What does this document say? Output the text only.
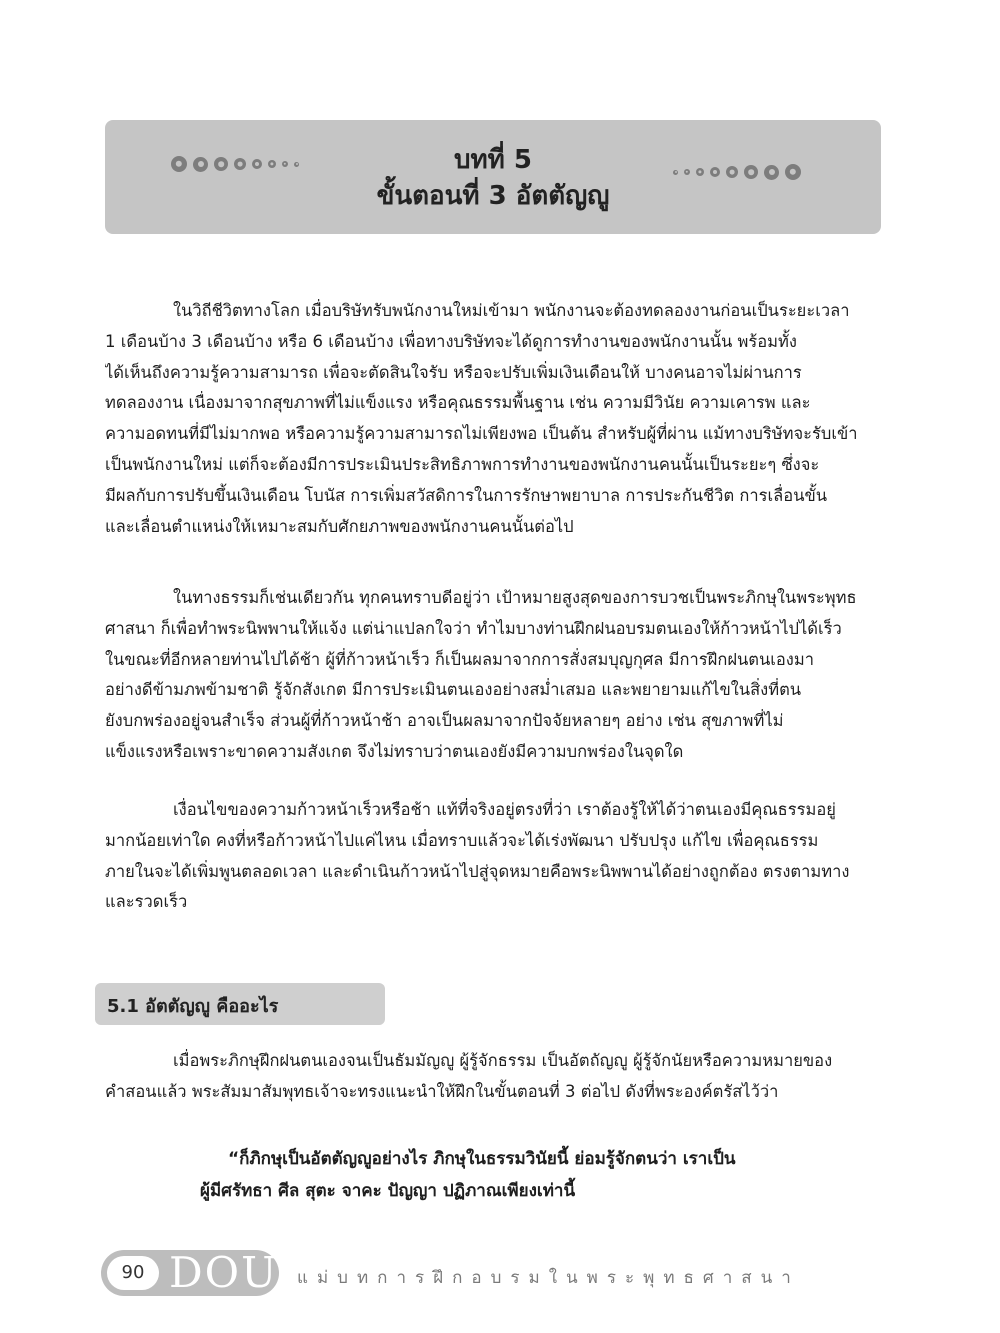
บทที่ 5
ขั้นตอนที่ 3 อัตตัญญู

ในวิถีชีวิตทางโลก เมื่อบริษัทรับพนักงานใหม่เข้ามา พนักงานจะต้องทดลองงานก่อนเป็นระยะเวลา
1 เดือนบ้าง 3 เดือนบ้าง หรือ 6 เดือนบ้าง เพื่อทางบริษัทจะได้ดูการทำงานของพนักงานนั้น พร้อมทั้ง
ได้เห็นถึงความรู้ความสามารถ เพื่อจะตัดสินใจรับ หรือจะปรับเพิ่มเงินเดือนให้ บางคนอาจไม่ผ่านการ
ทดลองงาน เนื่องมาจากสุขภาพที่ไม่แข็งแรง หรือคุณธรรมพื้นฐาน เช่น ความมีวินัย ความเคารพ และ
ความอดทนที่มีไม่มากพอ หรือความรู้ความสามารถไม่เพียงพอ เป็นต้น สำหรับผู้ที่ผ่าน แม้ทางบริษัทจะรับเข้า
เป็นพนักงานใหม่ แต่ก็จะต้องมีการประเมินประสิทธิภาพการทำงานของพนักงานคนนั้นเป็นระยะๆ ซึ่งจะ
มีผลกับการปรับขึ้นเงินเดือน โบนัส การเพิ่มสวัสดิการในการรักษาพยาบาล การประกันชีวิต การเลื่อนขั้น
และเลื่อนตำแหน่งให้เหมาะสมกับศักยภาพของพนักงานคนนั้นต่อไป

ในทางธรรมก็เช่นเดียวกัน ทุกคนทราบดีอยู่ว่า เป้าหมายสูงสุดของการบวชเป็นพระภิกษุในพระพุทธ
ศาสนา ก็เพื่อทำพระนิพพานให้แจ้ง แต่น่าแปลกใจว่า ทำไมบางท่านฝึกฝนอบรมตนเองให้ก้าวหน้าไปได้เร็ว
ในขณะที่อีกหลายท่านไปได้ช้า ผู้ที่ก้าวหน้าเร็ว ก็เป็นผลมาจากการสั่งสมบุญกุศล มีการฝึกฝนตนเองมา
อย่างดีข้ามภพข้ามชาติ รู้จักสังเกต มีการประเมินตนเองอย่างสม่ำเสมอ และพยายามแก้ไขในสิ่งที่ตน
ยังบกพร่องอยู่จนสำเร็จ ส่วนผู้ที่ก้าวหน้าช้า อาจเป็นผลมาจากปัจจัยหลายๆ อย่าง เช่น สุขภาพที่ไม่
แข็งแรงหรือเพราะขาดความสังเกต จึงไม่ทราบว่าตนเองยังมีความบกพร่องในจุดใด

เงื่อนไขของความก้าวหน้าเร็วหรือช้า แท้ที่จริงอยู่ตรงที่ว่า เราต้องรู้ให้ได้ว่าตนเองมีคุณธรรมอยู่
มากน้อยเท่าใด คงที่หรือก้าวหน้าไปแค่ไหน เมื่อทราบแล้วจะได้เร่งพัฒนา ปรับปรุง แก้ไข เพื่อคุณธรรม
ภายในจะได้เพิ่มพูนตลอดเวลา และดำเนินก้าวหน้าไปสู่จุดหมายคือพระนิพพานได้อย่างถูกต้อง ตรงตามทาง
และรวดเร็ว

5.1 อัตตัญญู คืออะไร

เมื่อพระภิกษุฝึกฝนตนเองจนเป็นธัมมัญญู ผู้รู้จักธรรม เป็นอัตถัญญู ผู้รู้จักนัยหรือความหมายของ
คำสอนแล้ว พระสัมมาสัมพุทธเจ้าจะทรงแนะนำให้ฝึกในขั้นตอนที่ 3 ต่อไป ดังที่พระองค์ตรัสไว้ว่า

“ก็ภิกษุเป็นอัตตัญญูอย่างไร ภิกษุในธรรมวินัยนี้ ย่อมรู้จักตนว่า เราเป็น
ผู้มีศรัทธา ศีล สุตะ จาคะ ปัญญา ปฏิภาณเพียงเท่านี้
90 DOU แม่บทการฝึกอบรมในพระพุทธศาสนา
